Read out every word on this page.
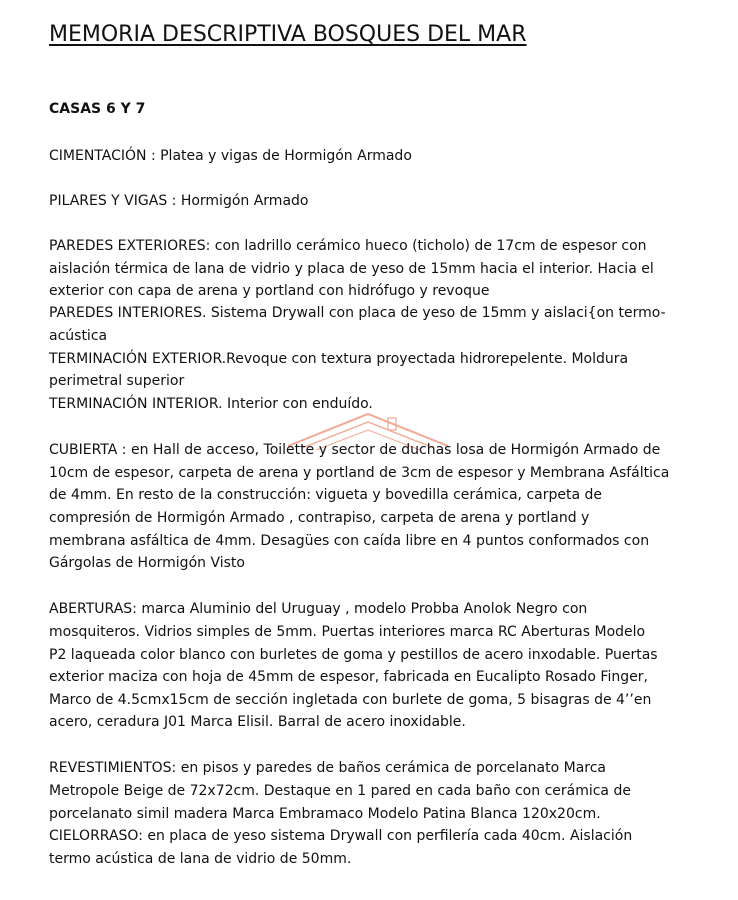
MEMORIA DESCRIPTIVA BOSQUES DEL MAR
CASAS 6 Y 7
CIMENTACIÓN : Platea y vigas de Hormigón Armado
PILARES Y VIGAS : Hormigón Armado
PAREDES EXTERIORES: con ladrillo cerámico hueco (ticholo) de 17cm de espesor con
aislación térmica de lana de vidrio y placa de yeso de 15mm hacia el interior. Hacia el
exterior con capa de arena y portland con hidrófugo y revoque
PAREDES INTERIORES. Sistema Drywall con placa de yeso de 15mm y aislaci{on termo-
acústica
TERMINACIÓN EXTERIOR.Revoque con textura proyectada hidrorepelente. Moldura
perimetral superior
TERMINACIÓN INTERIOR. Interior con enduído.
CUBIERTA : en Hall de acceso, Toilette y sector de duchas losa de Hormigón Armado de
10cm de espesor, carpeta de arena y portland de 3cm de espesor y Membrana Asfáltica
de 4mm. En resto de la construcción: vigueta y bovedilla cerámica, carpeta de
compresión de Hormigón Armado , contrapiso, carpeta de arena y portland y
membrana asfáltica de 4mm. Desagües con caída libre en 4 puntos conformados con
Gárgolas de Hormigón Visto
ABERTURAS: marca Aluminio del Uruguay , modelo Probba Anolok Negro con
mosquiteros. Vidrios simples de 5mm. Puertas interiores marca RC Aberturas Modelo
P2 laqueada color blanco con burletes de goma y pestillos de acero inxodable. Puertas
exterior maciza con hoja de 45mm de espesor, fabricada en Eucalipto Rosado Finger,
Marco de 4.5cmx15cm de sección ingletada con burlete de goma, 5 bisagras de 4’’en
acero, ceradura J01 Marca Elisil. Barral de acero inoxidable.
REVESTIMIENTOS: en pisos y paredes de baños cerámica de porcelanato Marca
Metropole Beige de 72x72cm. Destaque en 1 pared en cada baño con cerámica de
porcelanato simil madera Marca Embramaco Modelo Patina Blanca 120x20cm.
CIELORRASO: en placa de yeso sistema Drywall con perfilería cada 40cm. Aislación
termo acústica de lana de vidrio de 50mm.
